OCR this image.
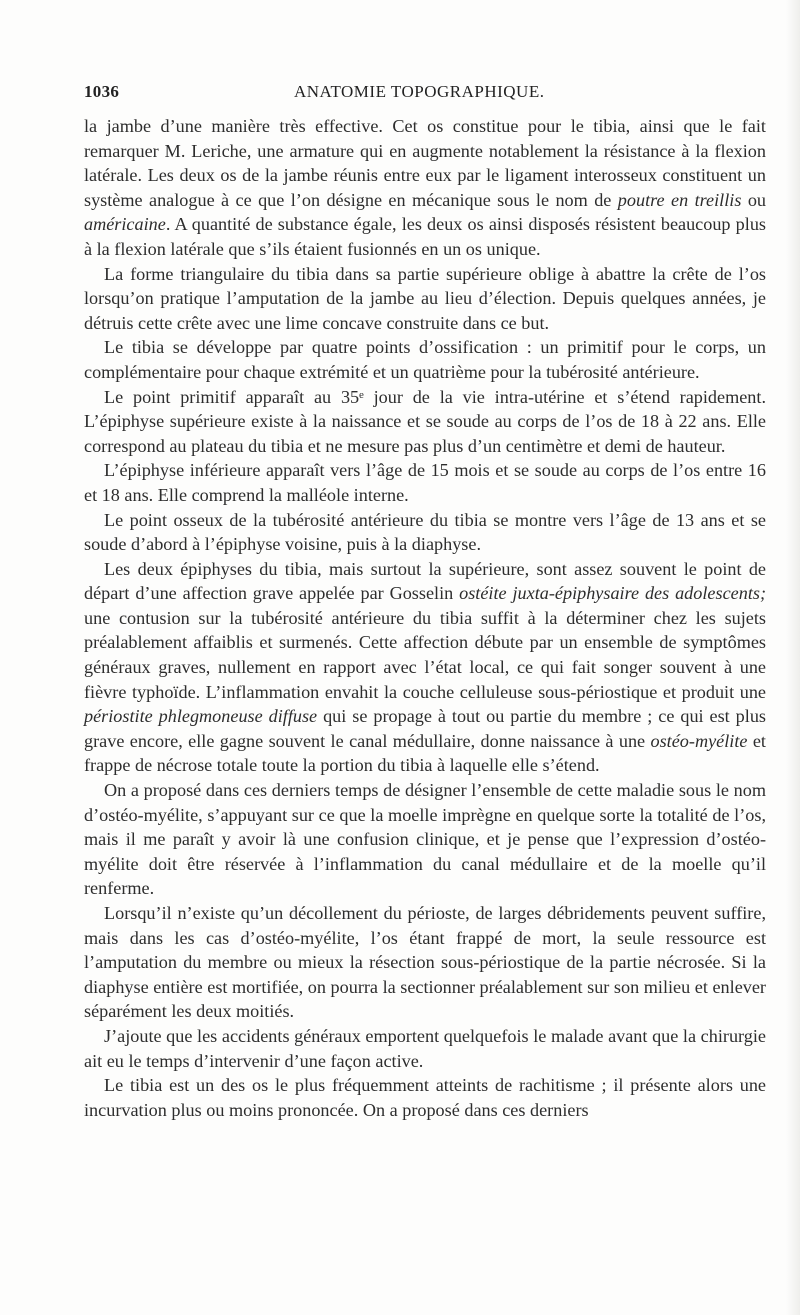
1036	ANATOMIE TOPOGRAPHIQUE.

la jambe d’une manière très effective. Cet os constitue pour le tibia, ainsi que le fait remarquer M. Leriche, une armature qui en augmente notablement la résistance à la flexion latérale. Les deux os de la jambe réunis entre eux par le ligament interosseux constituent un système analogue à ce que l’on désigne en mécanique sous le nom de poutre en treillis ou américaine. A quantité de substance égale, les deux os ainsi disposés résistent beaucoup plus à la flexion latérale que s’ils étaient fusionnés en un os unique.

La forme triangulaire du tibia dans sa partie supérieure oblige à abattre la crête de l’os lorsqu’on pratique l’amputation de la jambe au lieu d’élection. Depuis quelques années, je détruis cette crête avec une lime concave construite dans ce but.

Le tibia se développe par quatre points d’ossification : un primitif pour le corps, un complémentaire pour chaque extrémité et un quatrième pour la tubérosité antérieure.

Le point primitif apparaît au 35ᵉ jour de la vie intra-utérine et s’étend rapidement. L’épiphyse supérieure existe à la naissance et se soude au corps de l’os de 18 à 22 ans. Elle correspond au plateau du tibia et ne mesure pas plus d’un centimètre et demi de hauteur.

L’épiphyse inférieure apparaît vers l’âge de 15 mois et se soude au corps de l’os entre 16 et 18 ans. Elle comprend la malléole interne.

Le point osseux de la tubérosité antérieure du tibia se montre vers l’âge de 13 ans et se soude d’abord à l’épiphyse voisine, puis à la diaphyse.

Les deux épiphyses du tibia, mais surtout la supérieure, sont assez souvent le point de départ d’une affection grave appelée par Gosselin ostéite juxta-épiphysaire des adolescents; une contusion sur la tubérosité antérieure du tibia suffit à la déterminer chez les sujets préalablement affaiblis et surmenés. Cette affection débute par un ensemble de symptômes généraux graves, nullement en rapport avec l’état local, ce qui fait songer souvent à une fièvre typhoïde. L’inflammation envahit la couche celluleuse sous-périostique et produit une périostite phlegmoneuse diffuse qui se propage à tout ou partie du membre ; ce qui est plus grave encore, elle gagne souvent le canal médullaire, donne naissance à une ostéo-myélite et frappe de nécrose totale toute la portion du tibia à laquelle elle s’étend.

On a proposé dans ces derniers temps de désigner l’ensemble de cette maladie sous le nom d’ostéo-myélite, s’appuyant sur ce que la moelle imprègne en quelque sorte la totalité de l’os, mais il me paraît y avoir là une confusion clinique, et je pense que l’expression d’ostéo-myélite doit être réservée à l’inflammation du canal médullaire et de la moelle qu’il renferme.

Lorsqu’il n’existe qu’un décollement du périoste, de larges débridements peuvent suffire, mais dans les cas d’ostéo-myélite, l’os étant frappé de mort, la seule ressource est l’amputation du membre ou mieux la résection sous-périostique de la partie nécrosée. Si la diaphyse entière est mortifiée, on pourra la sectionner préalablement sur son milieu et enlever séparément les deux moitiés.

J’ajoute que les accidents généraux emportent quelquefois le malade avant que la chirurgie ait eu le temps d’intervenir d’une façon active.

Le tibia est un des os le plus fréquemment atteints de rachitisme ; il présente alors une incurvation plus ou moins prononcée. On a proposé dans ces derniers
